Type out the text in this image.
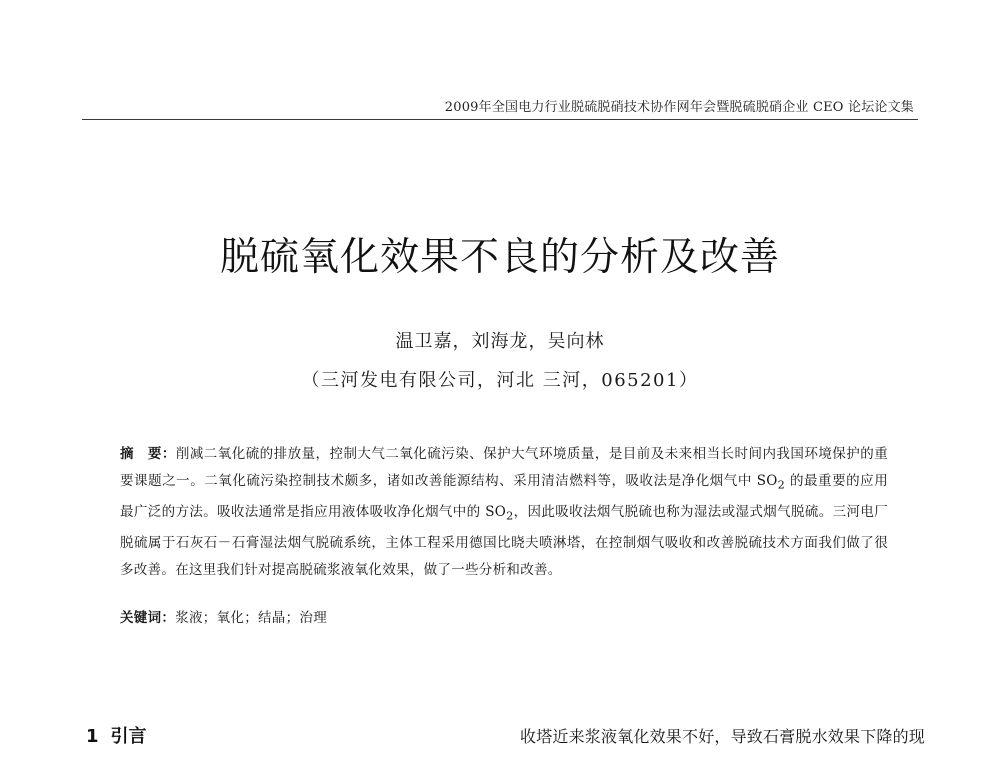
2009年全国电力行业脱硫脱硝技术协作网年会暨脱硫脱硝企业 CEO 论坛论文集
脱硫氧化效果不良的分析及改善
温卫嘉，刘海龙，吴向林
（三河发电有限公司，河北 三河，065201）
摘　要：削减二氧化硫的排放量，控制大气二氧化硫污染、保护大气环境质量，是目前及未来相当长时间内我国环境保护的重要课题之一。二氧化硫污染控制技术颇多，诸如改善能源结构、采用清洁燃料等，吸收法是净化烟气中 $SO_2$ 的最重要的应用最广泛的方法。吸收法通常是指应用液体吸收净化烟气中的 $SO_2$，因此吸收法烟气脱硫也称为湿法或湿式烟气脱硫。三河电厂脱硫属于石灰石－石膏湿法烟气脱硫系统，主体工程采用德国比晓夫喷淋塔，在控制烟气吸收和改善脱硫技术方面我们做了很多改善。在这里我们针对提高脱硫浆液氧化效果，做了一些分析和改善。
关键词：浆液；氧化；结晶；治理
1 引言	收塔近来浆液氧化效果不好，导致石膏脱水效果下降的现
